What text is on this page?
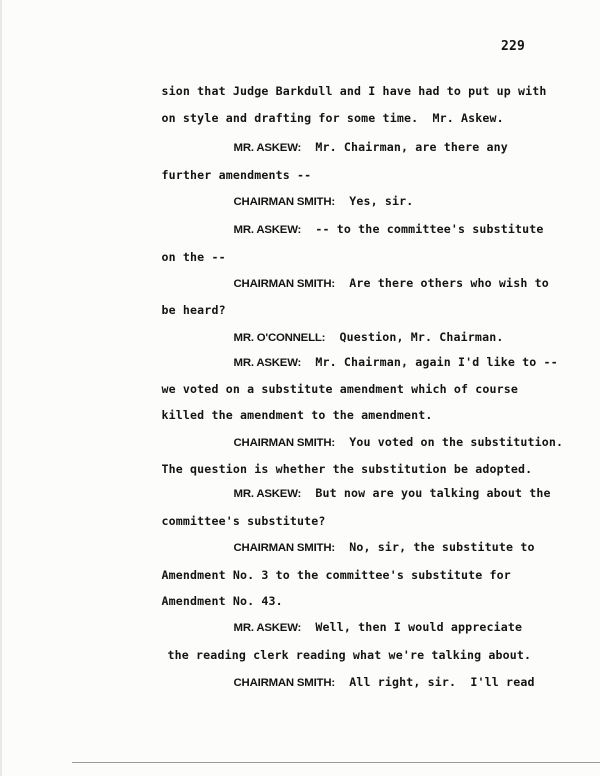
229

sion that Judge Barkdull and I have had to put up with

on style and drafting for some time.  Mr. Askew.

MR. ASKEW:  Mr. Chairman, are there any

further amendments --

CHAIRMAN SMITH:  Yes, sir.

MR. ASKEW:  -- to the committee's substitute

on the --

CHAIRMAN SMITH:  Are there others who wish to

be heard?

MR. O'CONNELL:  Question, Mr. Chairman.

MR. ASKEW:  Mr. Chairman, again I'd like to --

we voted on a substitute amendment which of course

killed the amendment to the amendment.

CHAIRMAN SMITH:  You voted on the substitution.

The question is whether the substitution be adopted.

MR. ASKEW:  But now are you talking about the

committee's substitute?

CHAIRMAN SMITH:  No, sir, the substitute to

Amendment No. 3 to the committee's substitute for

Amendment No. 43.

MR. ASKEW:  Well, then I would appreciate

the reading clerk reading what we're talking about.

CHAIRMAN SMITH:  All right, sir.  I'll read
